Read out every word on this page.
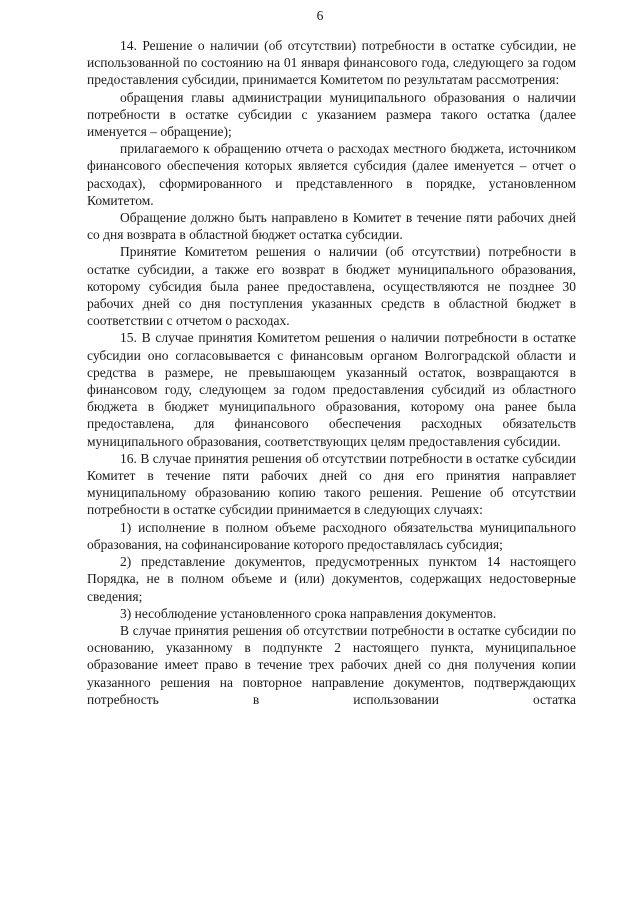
6

14. Решение о наличии (об отсутствии) потребности в остатке субсидии, не использованной по состоянию на 01 января финансового года, следующего за годом предоставления субсидии, принимается Комитетом по результатам рассмотрения:

обращения главы администрации муниципального образования о наличии потребности в остатке субсидии с указанием размера такого остатка (далее именуется – обращение);

прилагаемого к обращению отчета о расходах местного бюджета, источником финансового обеспечения которых является субсидия (далее именуется – отчет о расходах), сформированного и представленного в порядке, установленном Комитетом.

Обращение должно быть направлено в Комитет в течение пяти рабочих дней со дня возврата в областной бюджет остатка субсидии.

Принятие Комитетом решения о наличии (об отсутствии) потребности в остатке субсидии, а также его возврат в бюджет муниципального образования, которому субсидия была ранее предоставлена, осуществляются не позднее 30 рабочих дней со дня поступления указанных средств в областной бюджет в соответствии с отчетом о расходах.

15. В случае принятия Комитетом решения о наличии потребности в остатке субсидии оно согласовывается с финансовым органом Волгоградской области и средства в размере, не превышающем указанный остаток, возвращаются в финансовом году, следующем за годом предоставления субсидий из областного бюджета в бюджет муниципального образования, которому она ранее была предоставлена, для финансового обеспечения расходных обязательств муниципального образования, соответствующих целям предоставления субсидии.

16. В случае принятия решения об отсутствии потребности в остатке субсидии Комитет в течение пяти рабочих дней со дня его принятия направляет муниципальному образованию копию такого решения. Решение об отсутствии потребности в остатке субсидии принимается в следующих случаях:

1) исполнение в полном объеме расходного обязательства муниципального образования, на софинансирование которого предоставлялась субсидия;

2) представление документов, предусмотренных пунктом 14 настоящего Порядка, не в полном объеме и (или) документов, содержащих недостоверные сведения;

3) несоблюдение установленного срока направления документов.

В случае принятия решения об отсутствии потребности в остатке субсидии по основанию, указанному в подпункте 2 настоящего пункта, муниципальное образование имеет право в течение трех рабочих дней со дня получения копии указанного решения на повторное направление документов, подтверждающих потребность в использовании остатка
